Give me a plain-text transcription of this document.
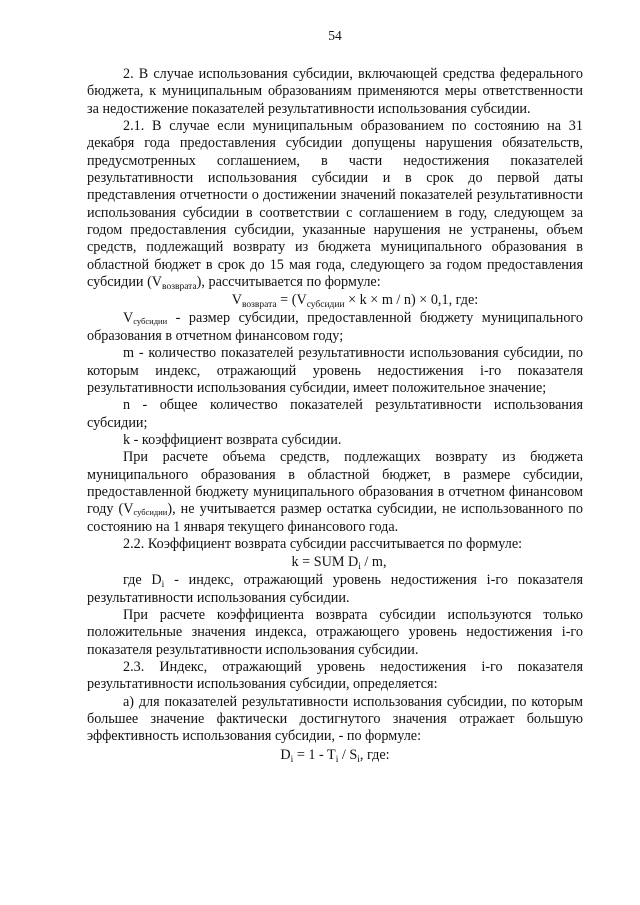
54

2. В случае использования субсидии, включающей средства федерального бюджета, к муниципальным образованиям применяются меры ответственности за недостижение показателей результативности использования субсидии.

2.1. В случае если муниципальным образованием по состоянию на 31 декабря года предоставления субсидии допущены нарушения обязательств, предусмотренных соглашением, в части недостижения показателей результативности использования субсидии и в срок до первой даты представления отчетности о достижении значений показателей результативности использования субсидии в соответствии с соглашением в году, следующем за годом предоставления субсидии, указанные нарушения не устранены, объем средств, подлежащий возврату из бюджета муниципального образования в областной бюджет в срок до 15 мая года, следующего за годом предоставления субсидии $(V_{возврата})$, рассчитывается по формуле:

$V_{возврата} = (V_{субсидии} \times k \times m / n) \times 0,1$, где:

$V_{субсидии}$ - размер субсидии, предоставленной бюджету муниципального образования в отчетном финансовом году;

m - количество показателей результативности использования субсидии, по которым индекс, отражающий уровень недостижения i-го показателя результативности использования субсидии, имеет положительное значение;

n - общее количество показателей результативности использования субсидии;

k - коэффициент возврата субсидии.

При расчете объема средств, подлежащих возврату из бюджета муниципального образования в областной бюджет, в размере субсидии, предоставленной бюджету муниципального образования в отчетном финансовом году $(V_{субсидии})$, не учитывается размер остатка субсидии, не использованного по состоянию на 1 января текущего финансового года.

2.2. Коэффициент возврата субсидии рассчитывается по формуле:

k = SUM $D_i$ / m,

где $D_i$ - индекс, отражающий уровень недостижения i-го показателя результативности использования субсидии.

При расчете коэффициента возврата субсидии используются только положительные значения индекса, отражающего уровень недостижения i-го показателя результативности использования субсидии.

2.3. Индекс, отражающий уровень недостижения i-го показателя результативности использования субсидии, определяется:

а) для показателей результативности использования субсидии, по которым большее значение фактически достигнутого значения отражает большую эффективность использования субсидии, - по формуле:

$D_i = 1 - T_i / S_i$, где:
